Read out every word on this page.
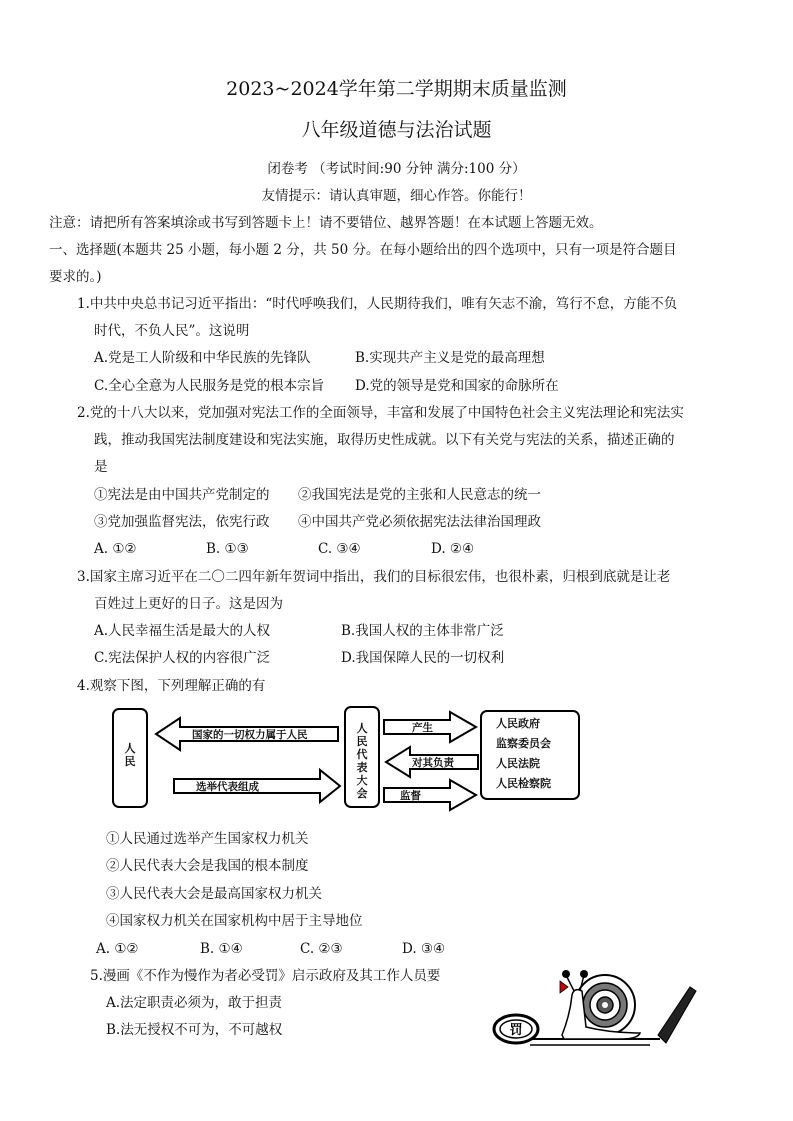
2023~2024学年第二学期期末质量监测
八年级道德与法治试题
闭卷考 （考试时间:90 分钟 满分:100 分）
友情提示：请认真审题，细心作答。你能行！
注意：请把所有答案填涂或书写到答题卡上！请不要错位、越界答题！在本试题上答题无效。
一、选择题(本题共 25 小题，每小题 2 分，共 50 分。在每小题给出的四个选项中，只有一项是符合题目
要求的。)
1.中共中央总书记习近平指出：“时代呼唤我们，人民期待我们，唯有矢志不渝，笃行不怠，方能不负
时代，不负人民”。这说明
A.党是工人阶级和中华民族的先锋队	B.实现共产主义是党的最高理想
C.全心全意为人民服务是党的根本宗旨 D.党的领导是党和国家的命脉所在
2.党的十八大以来，党加强对宪法工作的全面领导，丰富和发展了中国特色社会主义宪法理论和宪法实
践，推动我国宪法制度建设和宪法实施，取得历史性成就。以下有关党与宪法的关系，描述正确的
是
①宪法是由中国共产党制定的 ②我国宪法是党的主张和人民意志的统一
③党加强监督宪法，依宪行政 ④中国共产党必须依据宪法法律治国理政
A. ①②	B. ①③	C. ③④	D. ②④
3.国家主席习近平在二〇二四年新年贺词中指出，我们的目标很宏伟，也很朴素，归根到底就是让老
百姓过上更好的日子。这是因为
A.人民幸福生活是最大的人权	B.我国人权的主体非常广泛
C.宪法保护人权的内容很广泛	D.我国保障人民的一切权利
4.观察下图，下列理解正确的有
人
民
国家的一切权力属于人民
选举代表组成
人
民
代
表
大
会
产生
对其负责
监督
人民政府
监察委员会
人民法院
人民检察院
①人民通过选举产生国家权力机关
②人民代表大会是我国的根本制度
③人民代表大会是最高国家权力机关
④国家权力机关在国家机构中居于主导地位
A. ①②	B. ①④	C. ②③	D. ③④
5.漫画《不作为慢作为者必受罚》启示政府及其工作人员要
A.法定职责必须为，敢于担责
B.法无授权不可为，不可越权	罚
